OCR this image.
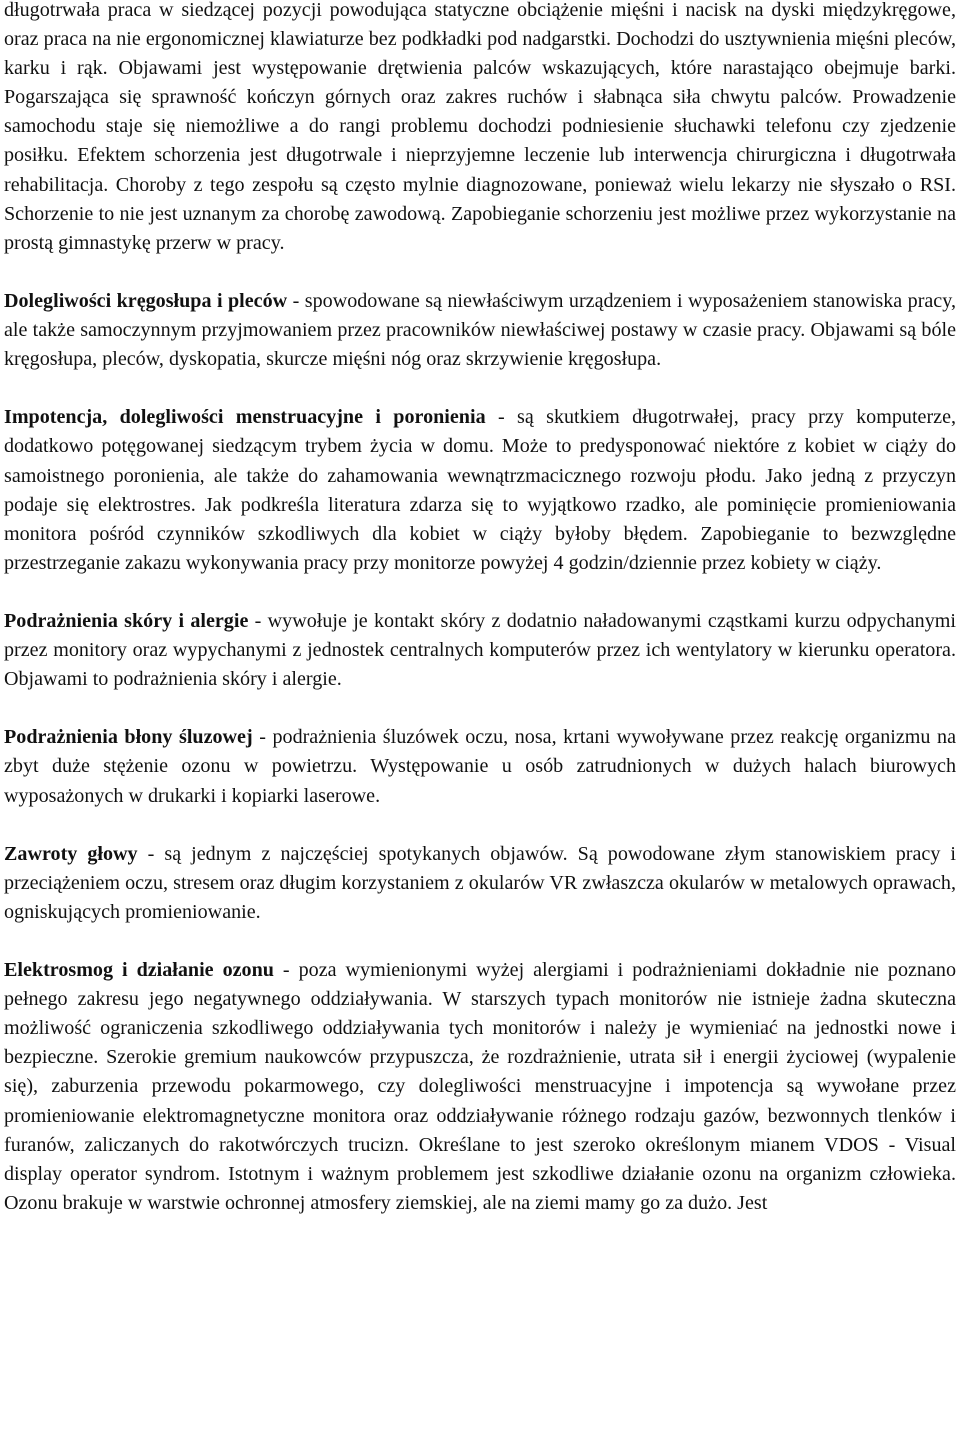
długotrwała praca w siedzącej pozycji powodująca statyczne obciążenie mięśni i nacisk na dyski międzykręgowe, oraz praca na nie ergonomicznej klawiaturze bez podkładki pod nadgarstki. Dochodzi do usztywnienia mięśni pleców, karku i rąk. Objawami jest występowanie drętwienia palców wskazujących, które narastająco obejmuje barki. Pogarszająca się sprawność kończyn górnych oraz zakres ruchów i słabnąca siła chwytu palców. Prowadzenie samochodu staje się niemożliwe a do rangi problemu dochodzi podniesienie słuchawki telefonu czy zjedzenie posiłku. Efektem schorzenia jest długotrwale i nieprzyjemne leczenie lub interwencja chirurgiczna i długotrwała rehabilitacja. Choroby z tego zespołu są często mylnie diagnozowane, ponieważ wielu lekarzy nie słyszało o RSI. Schorzenie to nie jest uznanym za chorobę zawodową. Zapobieganie schorzeniu jest możliwe przez wykorzystanie na prostą gimnastykę przerw w pracy.

Dolegliwości kręgosłupa i pleców - spowodowane są niewłaściwym urządzeniem i wyposażeniem stanowiska pracy, ale także samoczynnym przyjmowaniem przez pracowników niewłaściwej postawy w czasie pracy. Objawami są bóle kręgosłupa, pleców, dyskopatia, skurcze mięśni nóg oraz skrzywienie kręgosłupa.

Impotencja, dolegliwości menstruacyjne i poronienia - są skutkiem długotrwałej, pracy przy komputerze, dodatkowo potęgowanej siedzącym trybem życia w domu. Może to predysponować niektóre z kobiet w ciąży do samoistnego poronienia, ale także do zahamowania wewnątrzmacicznego rozwoju płodu. Jako jedną z przyczyn podaje się elektrostres. Jak podkreśla literatura zdarza się to wyjątkowo rzadko, ale pominięcie promieniowania monitora pośród czynników szkodliwych dla kobiet w ciąży byłoby błędem. Zapobieganie to bezwzględne przestrzeganie zakazu wykonywania pracy przy monitorze powyżej 4 godzin/dziennie przez kobiety w ciąży.

Podrażnienia skóry i alergie - wywołuje je kontakt skóry z dodatnio naładowanymi cząstkami kurzu odpychanymi przez monitory oraz wypychanymi z jednostek centralnych komputerów przez ich wentylatory w kierunku operatora. Objawami to podrażnienia skóry i alergie.

Podrażnienia błony śluzowej - podrażnienia śluzówek oczu, nosa, krtani wywoływane przez reakcję organizmu na zbyt duże stężenie ozonu w powietrzu. Występowanie u osób zatrudnionych w dużych halach biurowych wyposażonych w drukarki i kopiarki laserowe.

Zawroty głowy - są jednym z najczęściej spotykanych objawów. Są powodowane złym stanowiskiem pracy i przeciążeniem oczu, stresem oraz długim korzystaniem z okularów VR zwłaszcza okularów w metalowych oprawach, ogniskujących promieniowanie.

Elektrosmog i działanie ozonu - poza wymienionymi wyżej alergiami i podrażnieniami dokładnie nie poznano pełnego zakresu jego negatywnego oddziaływania. W starszych typach monitorów nie istnieje żadna skuteczna możliwość ograniczenia szkodliwego oddziaływania tych monitorów i należy je wymieniać na jednostki nowe i bezpieczne. Szerokie gremium naukowców przypuszcza, że rozdrażnienie, utrata sił i energii życiowej (wypalenie się), zaburzenia przewodu pokarmowego, czy dolegliwości menstruacyjne i impotencja są wywołane przez promieniowanie elektromagnetyczne monitora oraz oddziaływanie różnego rodzaju gazów, bezwonnych tlenków i furanów, zaliczanych do rakotwórczych trucizn. Określane to jest szeroko określonym mianem VDOS - Visual display operator syndrom. Istotnym i ważnym problemem jest szkodliwe działanie ozonu na organizm człowieka. Ozonu brakuje w warstwie ochronnej atmosfery ziemskiej, ale na ziemi mamy go za dużo. Jest
